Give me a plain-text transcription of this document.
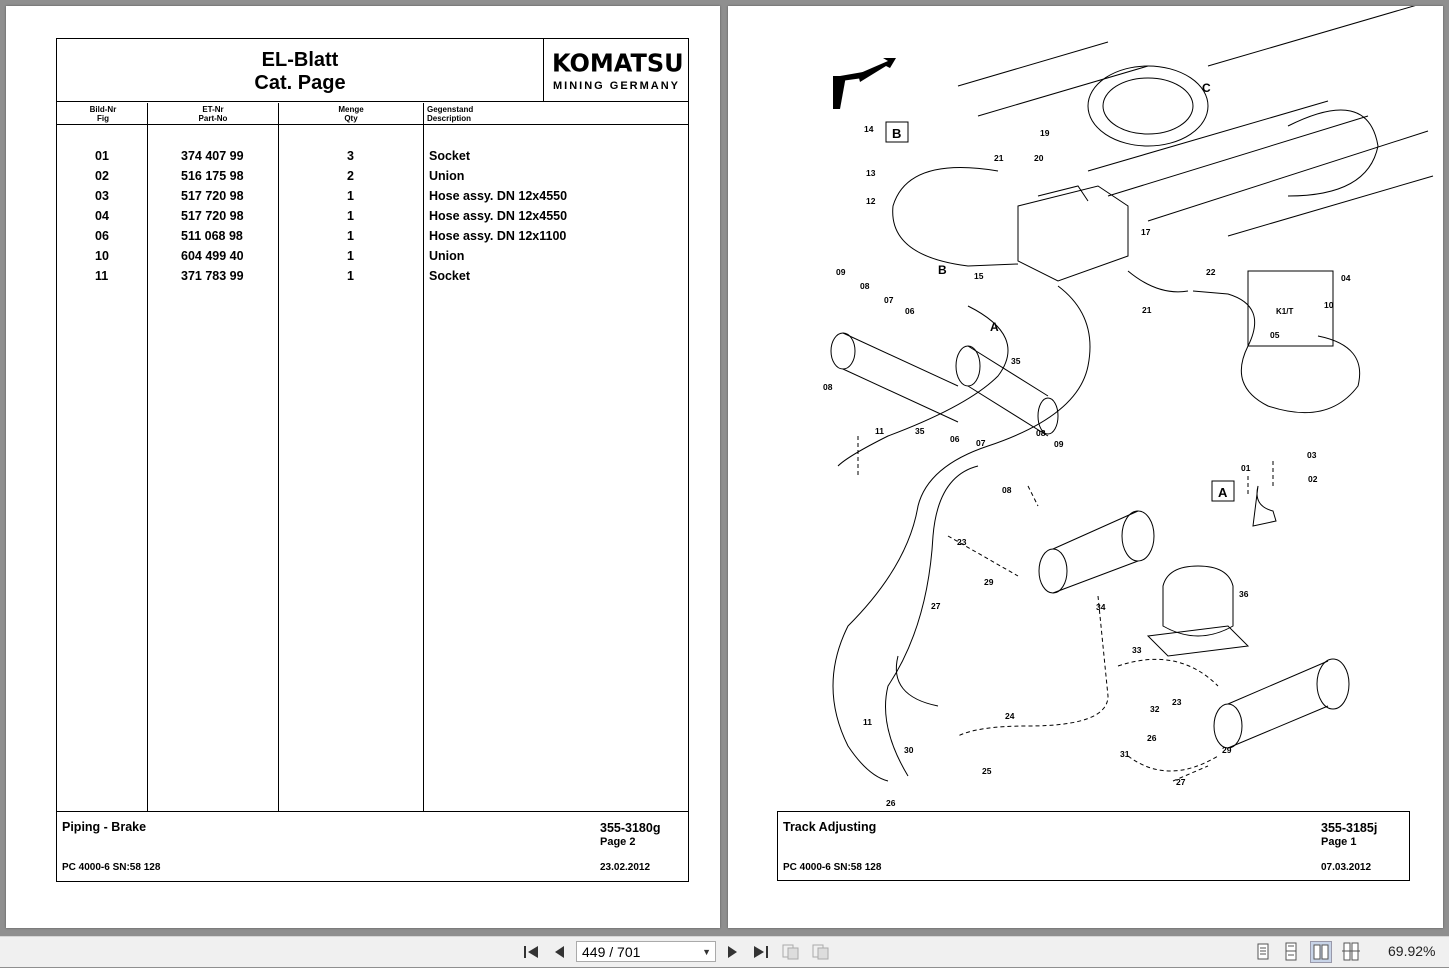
EL-Blatt
Cat. Page
KOMATSU
MINING GERMANY
Bild-Nr
Fig
ET-Nr
Part-No
Menge
Qty
Gegenstand
Description
01	374 407 99	3	Socket
02	516 175 98	2	Union
03	517 720 98	1	Hose assy. DN 12x4550
04	517 720 98	1	Hose assy. DN 12x4550
06	511 068 98	1	Hose assy. DN 12x1100
10	604 499 40	1	Union
11	371 783 99	1	Socket
Piping - Brake	355-3180g
Page 2
PC 4000-6 SN:58 128	23.02.2012
F
B
A
A
B
C
K1/T
14
13
12
19
20
21
17
15	22
04
10
05
09
08
07
06
35
21
08
11	35
06 07
08
09
08
01
03
02
23
29
27
36
34
33
32
26
31
23
29
11
24
30
25
26
27
Track Adjusting	355-3185j
Page 1
PC 4000-6 SN:58 128	07.03.2012
449 / 701	▼	69.92%
